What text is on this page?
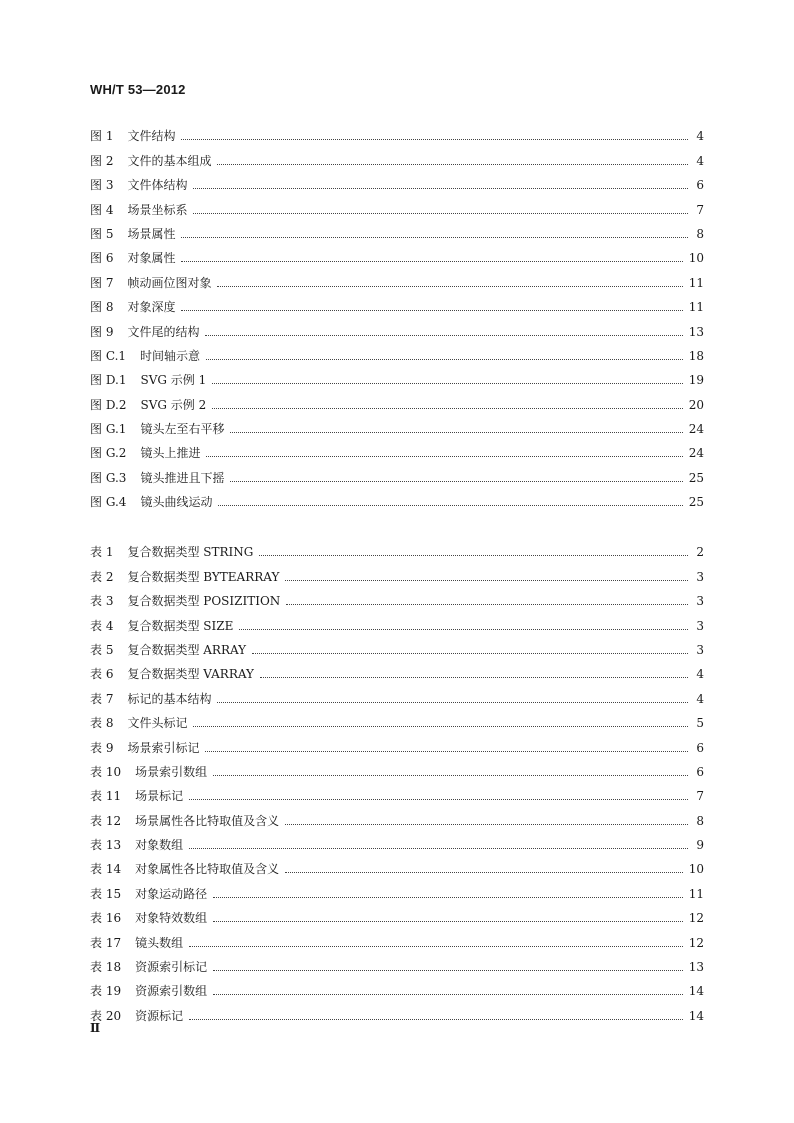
WH/T 53—2012
图 1 文件结构	4
图 2 文件的基本组成	4
图 3 文件体结构	6
图 4 场景坐标系	7
图 5 场景属性	8
图 6 对象属性	10
图 7 帧动画位图对象	11
图 8 对象深度	11
图 9 文件尾的结构	13
图 C.1 时间轴示意	18
图 D.1 SVG 示例 1	19
图 D.2 SVG 示例 2	20
图 G.1 镜头左至右平移	24
图 G.2 镜头上推进	24
图 G.3 镜头推进且下摇	25
图 G.4 镜头曲线运动	25
表 1 复合数据类型 STRING	2
表 2 复合数据类型 BYTEARRAY	3
表 3 复合数据类型 POSIZITION	3
表 4 复合数据类型 SIZE	3
表 5 复合数据类型 ARRAY	3
表 6 复合数据类型 VARRAY	4
表 7 标记的基本结构	4
表 8 文件头标记	5
表 9 场景索引标记	6
表 10 场景索引数组	6
表 11 场景标记	7
表 12 场景属性各比特取值及含义	8
表 13 对象数组	9
表 14 对象属性各比特取值及含义	10
表 15 对象运动路径	11
表 16 对象特效数组	12
表 17 镜头数组	12
表 18 资源索引标记	13
表 19 资源索引数组	14
表 20 资源标记	14
Ⅱ
